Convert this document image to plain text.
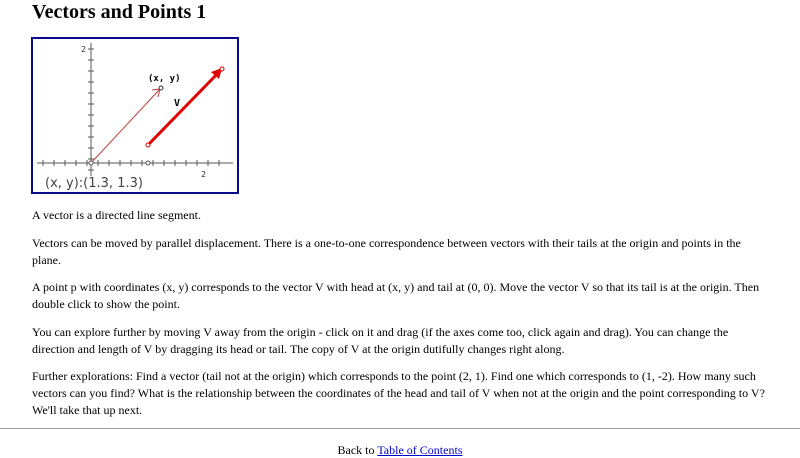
Vectors and Points 1
2
2
(x, y)
V
(x, y):(1.3, 1.3)

A vector is a directed line segment.

Vectors can be moved by parallel displacement. There is a one-to-one correspondence between vectors with their tails at the origin and points in the plane.

A point p with coordinates (x, y) corresponds to the vector V with head at (x, y) and tail at (0, 0). Move the vector V so that its tail is at the origin. Then double click to show the point.

You can explore further by moving V away from the origin - click on it and drag (if the axes come too, click again and drag). You can change the direction and length of V by dragging its head or tail. The copy of V at the origin dutifully changes right along.

Further explorations: Find a vector (tail not at the origin) which corresponds to the point (2, 1). Find one which corresponds to (1, -2). How many such vectors can you find? What is the relationship between the coordinates of the head and tail of V when not at the origin and the point corresponding to V? We'll take that up next.

Back to Table of Contents
